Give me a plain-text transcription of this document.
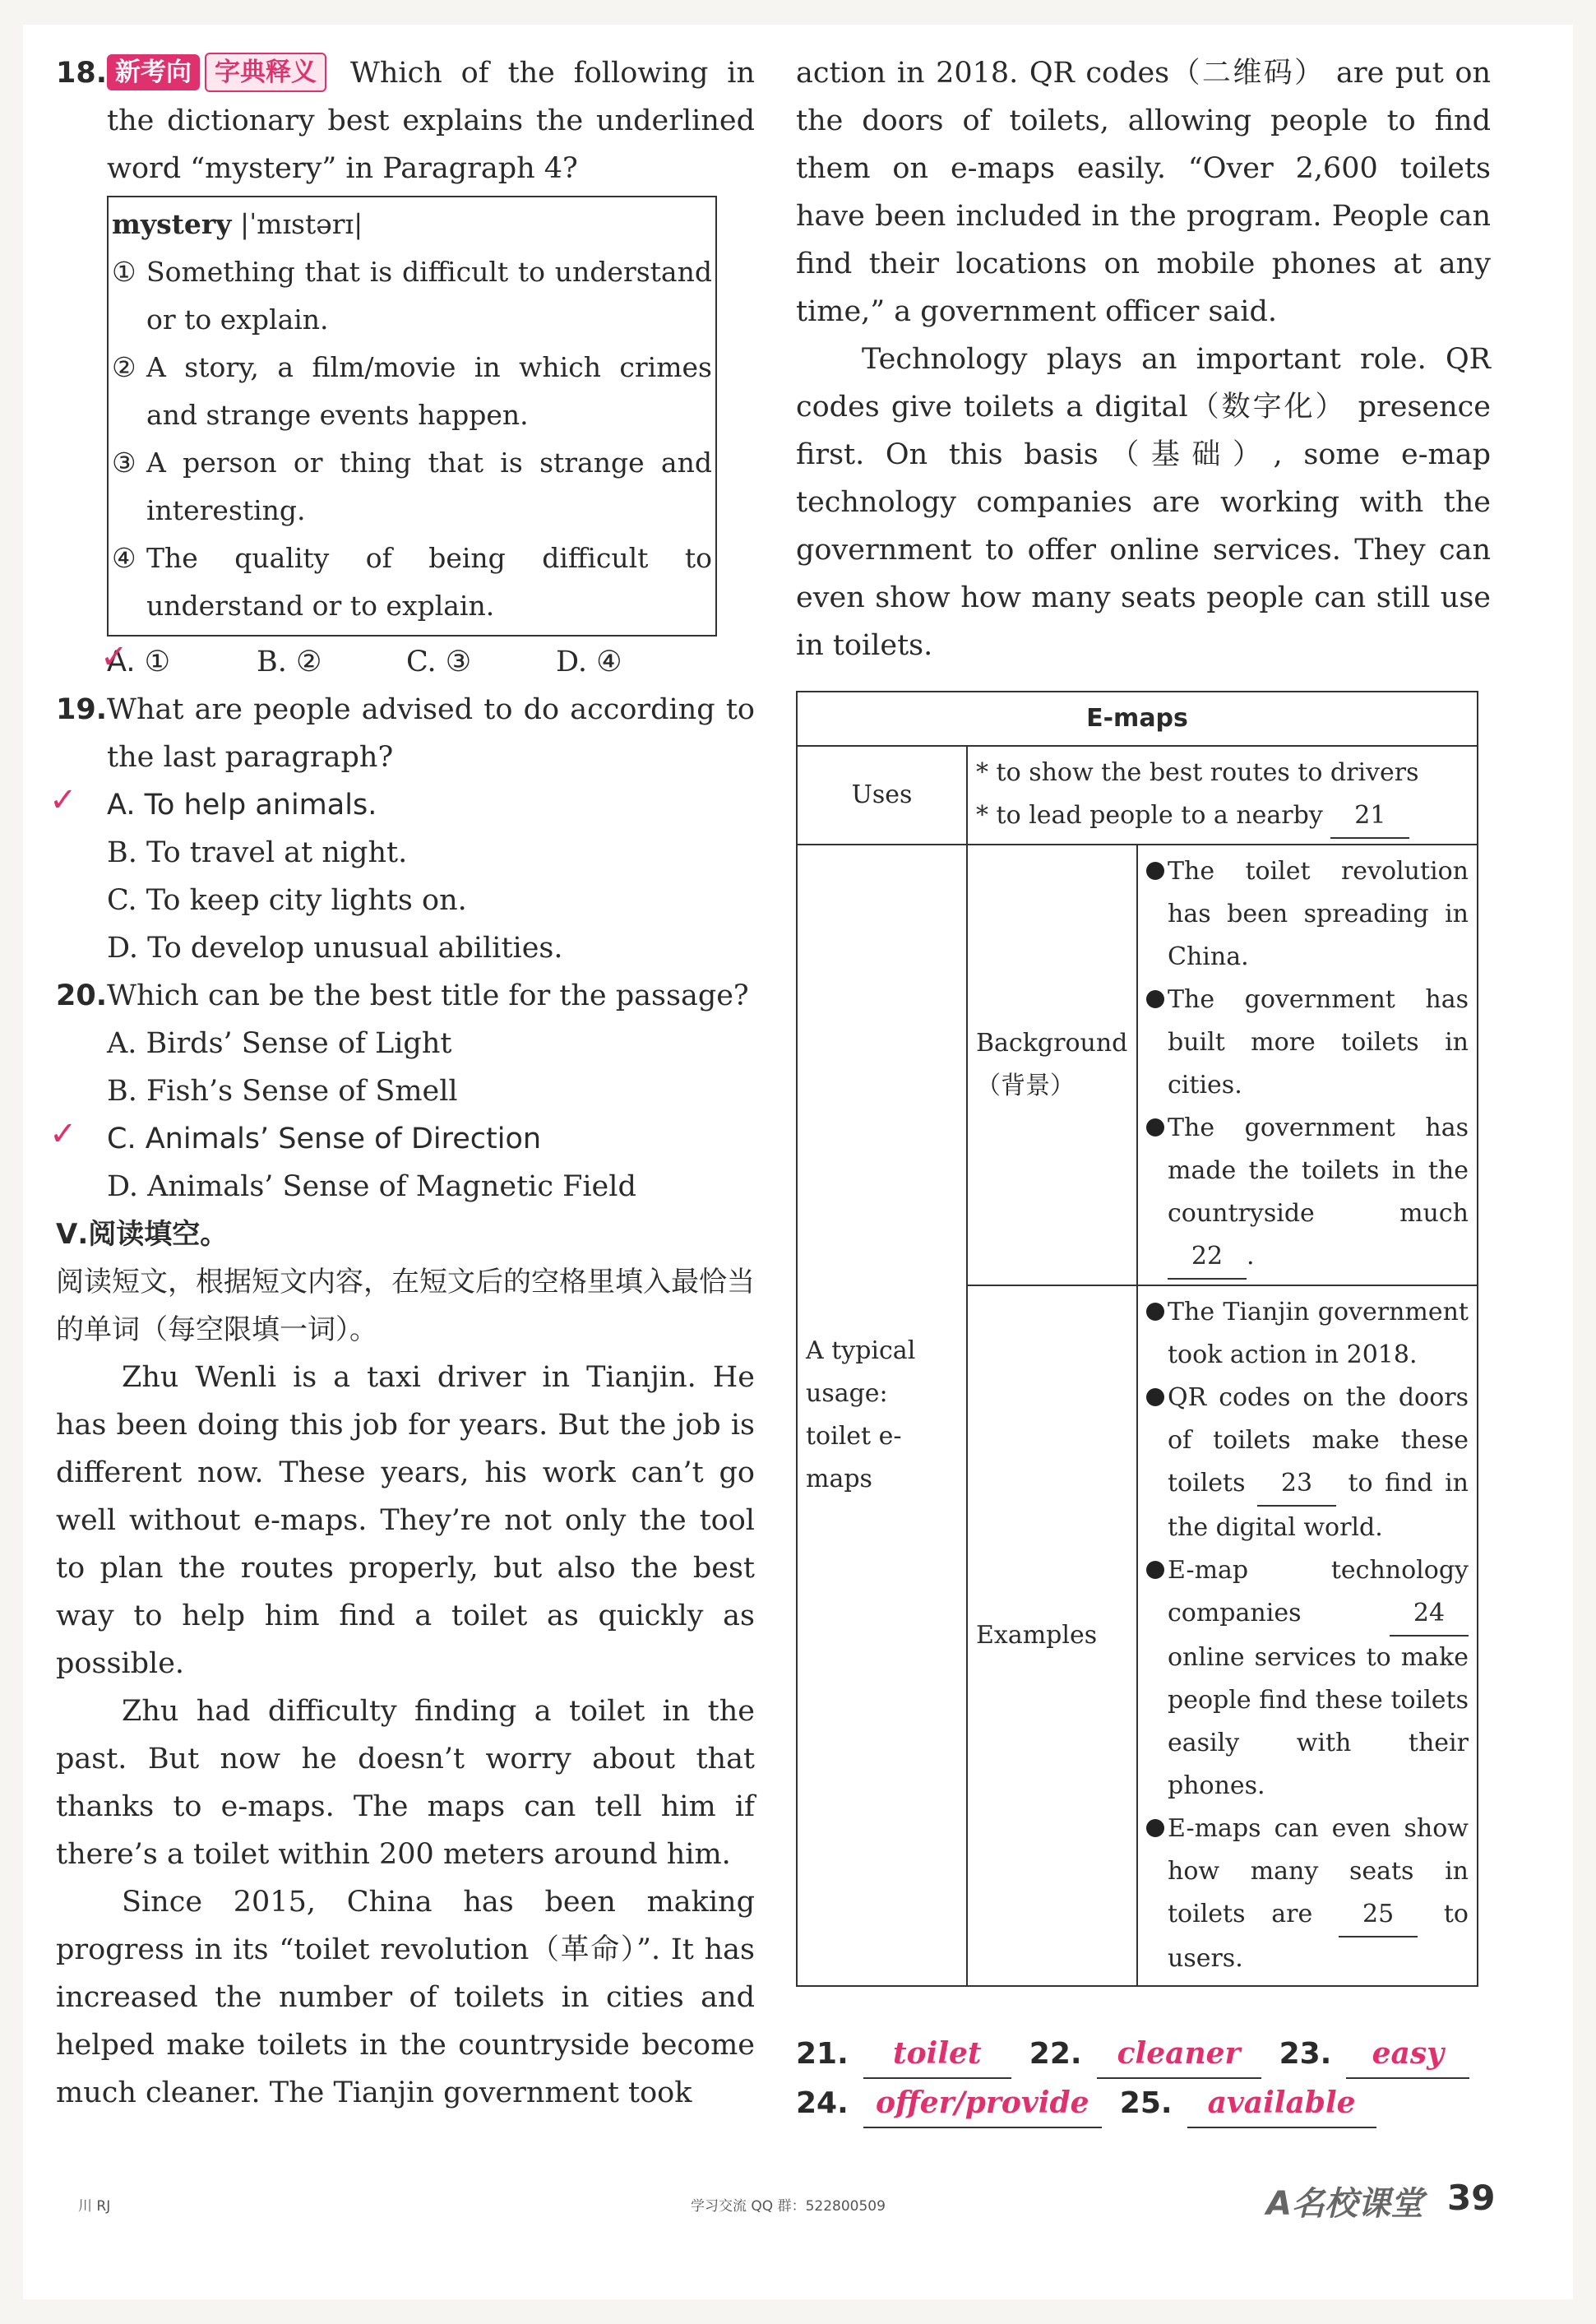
18. 新考向 字典释义 Which of the following in the dictionary best explains the underlined word “mystery” in Paragraph 4?
mystery |ˈmɪstərɪ|
① Something that is difficult to understand or to explain.
② A story, a film/movie in which crimes and strange events happen.
③ A person or thing that is strange and interesting.
④ The quality of being difficult to understand or to explain.
✓ A. ①	B. ②	C. ③	D. ④
19. What are people advised to do according to the last paragraph?
✓ A. To help animals.
B. To travel at night.
C. To keep city lights on.
D. To develop unusual abilities.
20. Which can be the best title for the passage?
A. Birds’ Sense of Light
B. Fish’s Sense of Smell
✓ C. Animals’ Sense of Direction
D. Animals’ Sense of Magnetic Field
Ⅴ.阅读填空。
阅读短文，根据短文内容，在短文后的空格里填入最恰当的单词（每空限填一词）。

Zhu Wenli is a taxi driver in Tianjin. He has been doing this job for years. But the job is different now. These years, his work can’t go well without e-maps. They’re not only the tool to plan the routes properly, but also the best way to help him find a toilet as quickly as possible.

Zhu had difficulty finding a toilet in the past. But now he doesn’t worry about that thanks to e-maps. The maps can tell him if there’s a toilet within 200 meters around him.

Since 2015, China has been making progress in its “toilet revolution（革命）”. It has increased the number of toilets in cities and helped make toilets in the countryside become much cleaner. The Tianjin government took

action in 2018. QR codes（二维码） are put on the doors of toilets, allowing people to find them on e-maps easily. “Over 2,600 toilets have been included in the program. People can find their locations on mobile phones at any time,” a government officer said.

Technology plays an important role. QR codes give toilets a digital（数字化） presence first. On this basis（基础）, some e-map technology companies are working with the government to offer online services. They can even show how many seats people can still use in toilets.

E-maps		
Uses	* to show the best routes to drivers
* to lead people to a nearby 21	

A typical usage: toilet e-maps	Background（背景）	The toilet revolution has been spreading in China.
The government has built more toilets in cities.
The government has made the toilets in the countryside much 22 .

	Examples	The Tianjin government took action in 2018.
QR codes on the doors of toilets make these toilets 23 to find in the digital world.
E-map technology companies 24 online services to make people find these toilets easily with their phones.
E-maps can even show how many seats in toilets are 25 to users.
21.	toilet	22.	cleaner	23.	easy
24. offer/provide	25.	available
川 RJ	学习交流 QQ 群：522800509	A名校课堂 39
